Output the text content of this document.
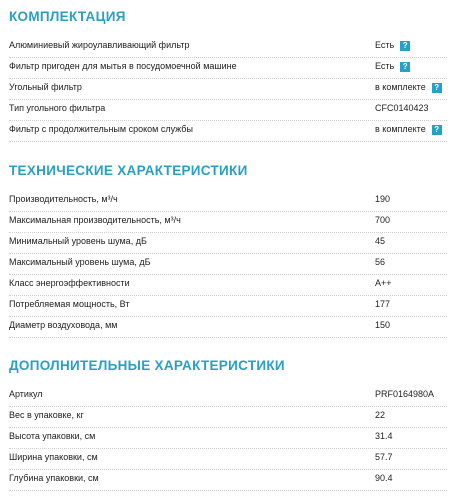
КОМПЛЕКТАЦИЯ
Алюминиевый жироулавливающий фильтр	Есть ?
Фильтр пригоден для мытья в посудомоечной машине	Есть ?
Угольный фильтр	в комплекте ?
Тип угольного фильтра	CFC0140423
Фильтр с продолжительным сроком службы	в комплекте ?
ТЕХНИЧЕСКИЕ ХАРАКТЕРИСТИКИ
Производительность, м³/ч	190
Максимальная производительность, м³/ч	700
Минимальный уровень шума, дБ	45
Максимальный уровень шума, дБ	56
Класс энергоэффективности	A++
Потребляемая мощность, Вт	177
Диаметр воздуховода, мм	150
ДОПОЛНИТЕЛЬНЫЕ ХАРАКТЕРИСТИКИ
Артикул	PRF0164980A
Вес в упаковке, кг	22
Высота упаковки, см	31.4
Ширина упаковки, см	57.7
Глубина упаковки, см	90.4
